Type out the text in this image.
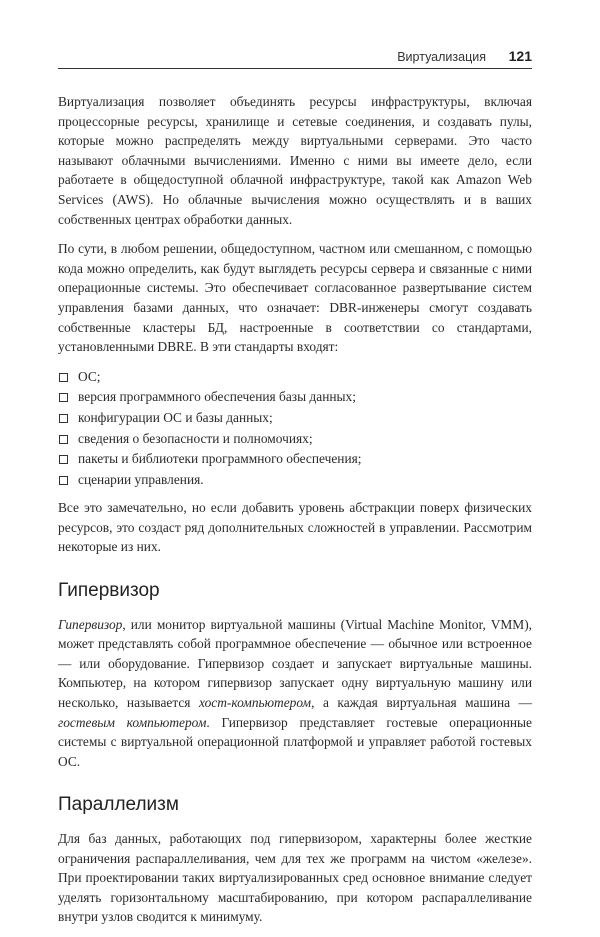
Виртуализация 121

Виртуализация позволяет объединять ресурсы инфраструктуры, включая процессорные ресурсы, хранилище и сетевые соединения, и создавать пулы, которые можно распределять между виртуальными серверами. Это часто называют облачными вычислениями. Именно с ними вы имеете дело, если работаете в общедоступной облачной инфраструктуре, такой как Amazon Web Services (AWS). Но облачные вычисления можно осуществлять и в ваших собственных центрах обработки данных.

По сути, в любом решении, общедоступном, частном или смешанном, с помощью кода можно определить, как будут выглядеть ресурсы сервера и связанные с ними операционные системы. Это обеспечивает согласованное развертывание систем управления базами данных, что означает: DBR-инженеры смогут создавать собственные кластеры БД, настроенные в соответствии со стандартами, установленными DBRE. В эти стандарты входят:

ОС;
версия программного обеспечения базы данных;
конфигурации ОС и базы данных;
сведения о безопасности и полномочиях;
пакеты и библиотеки программного обеспечения;
сценарии управления.

Все это замечательно, но если добавить уровень абстракции поверх физических ресурсов, это создаст ряд дополнительных сложностей в управлении. Рассмотрим некоторые из них.

Гипервизор

Гипервизор, или монитор виртуальной машины (Virtual Machine Monitor, VMM), может представлять собой программное обеспечение — обычное или встроенное — или оборудование. Гипервизор создает и запускает виртуальные машины. Компьютер, на котором гипервизор запускает одну виртуальную машину или несколько, называется хост-компьютером, а каждая виртуальная машина — гостевым компьютером. Гипервизор представляет гостевые операционные системы с виртуальной операционной платформой и управляет работой гостевых ОС.

Параллелизм

Для баз данных, работающих под гипервизором, характерны более жесткие ограничения распараллеливания, чем для тех же программ на чистом «железе». При проектировании таких виртуализированных сред основное внимание следует уделять горизонтальному масштабированию, при котором распараллеливание внутри узлов сводится к минимуму.
